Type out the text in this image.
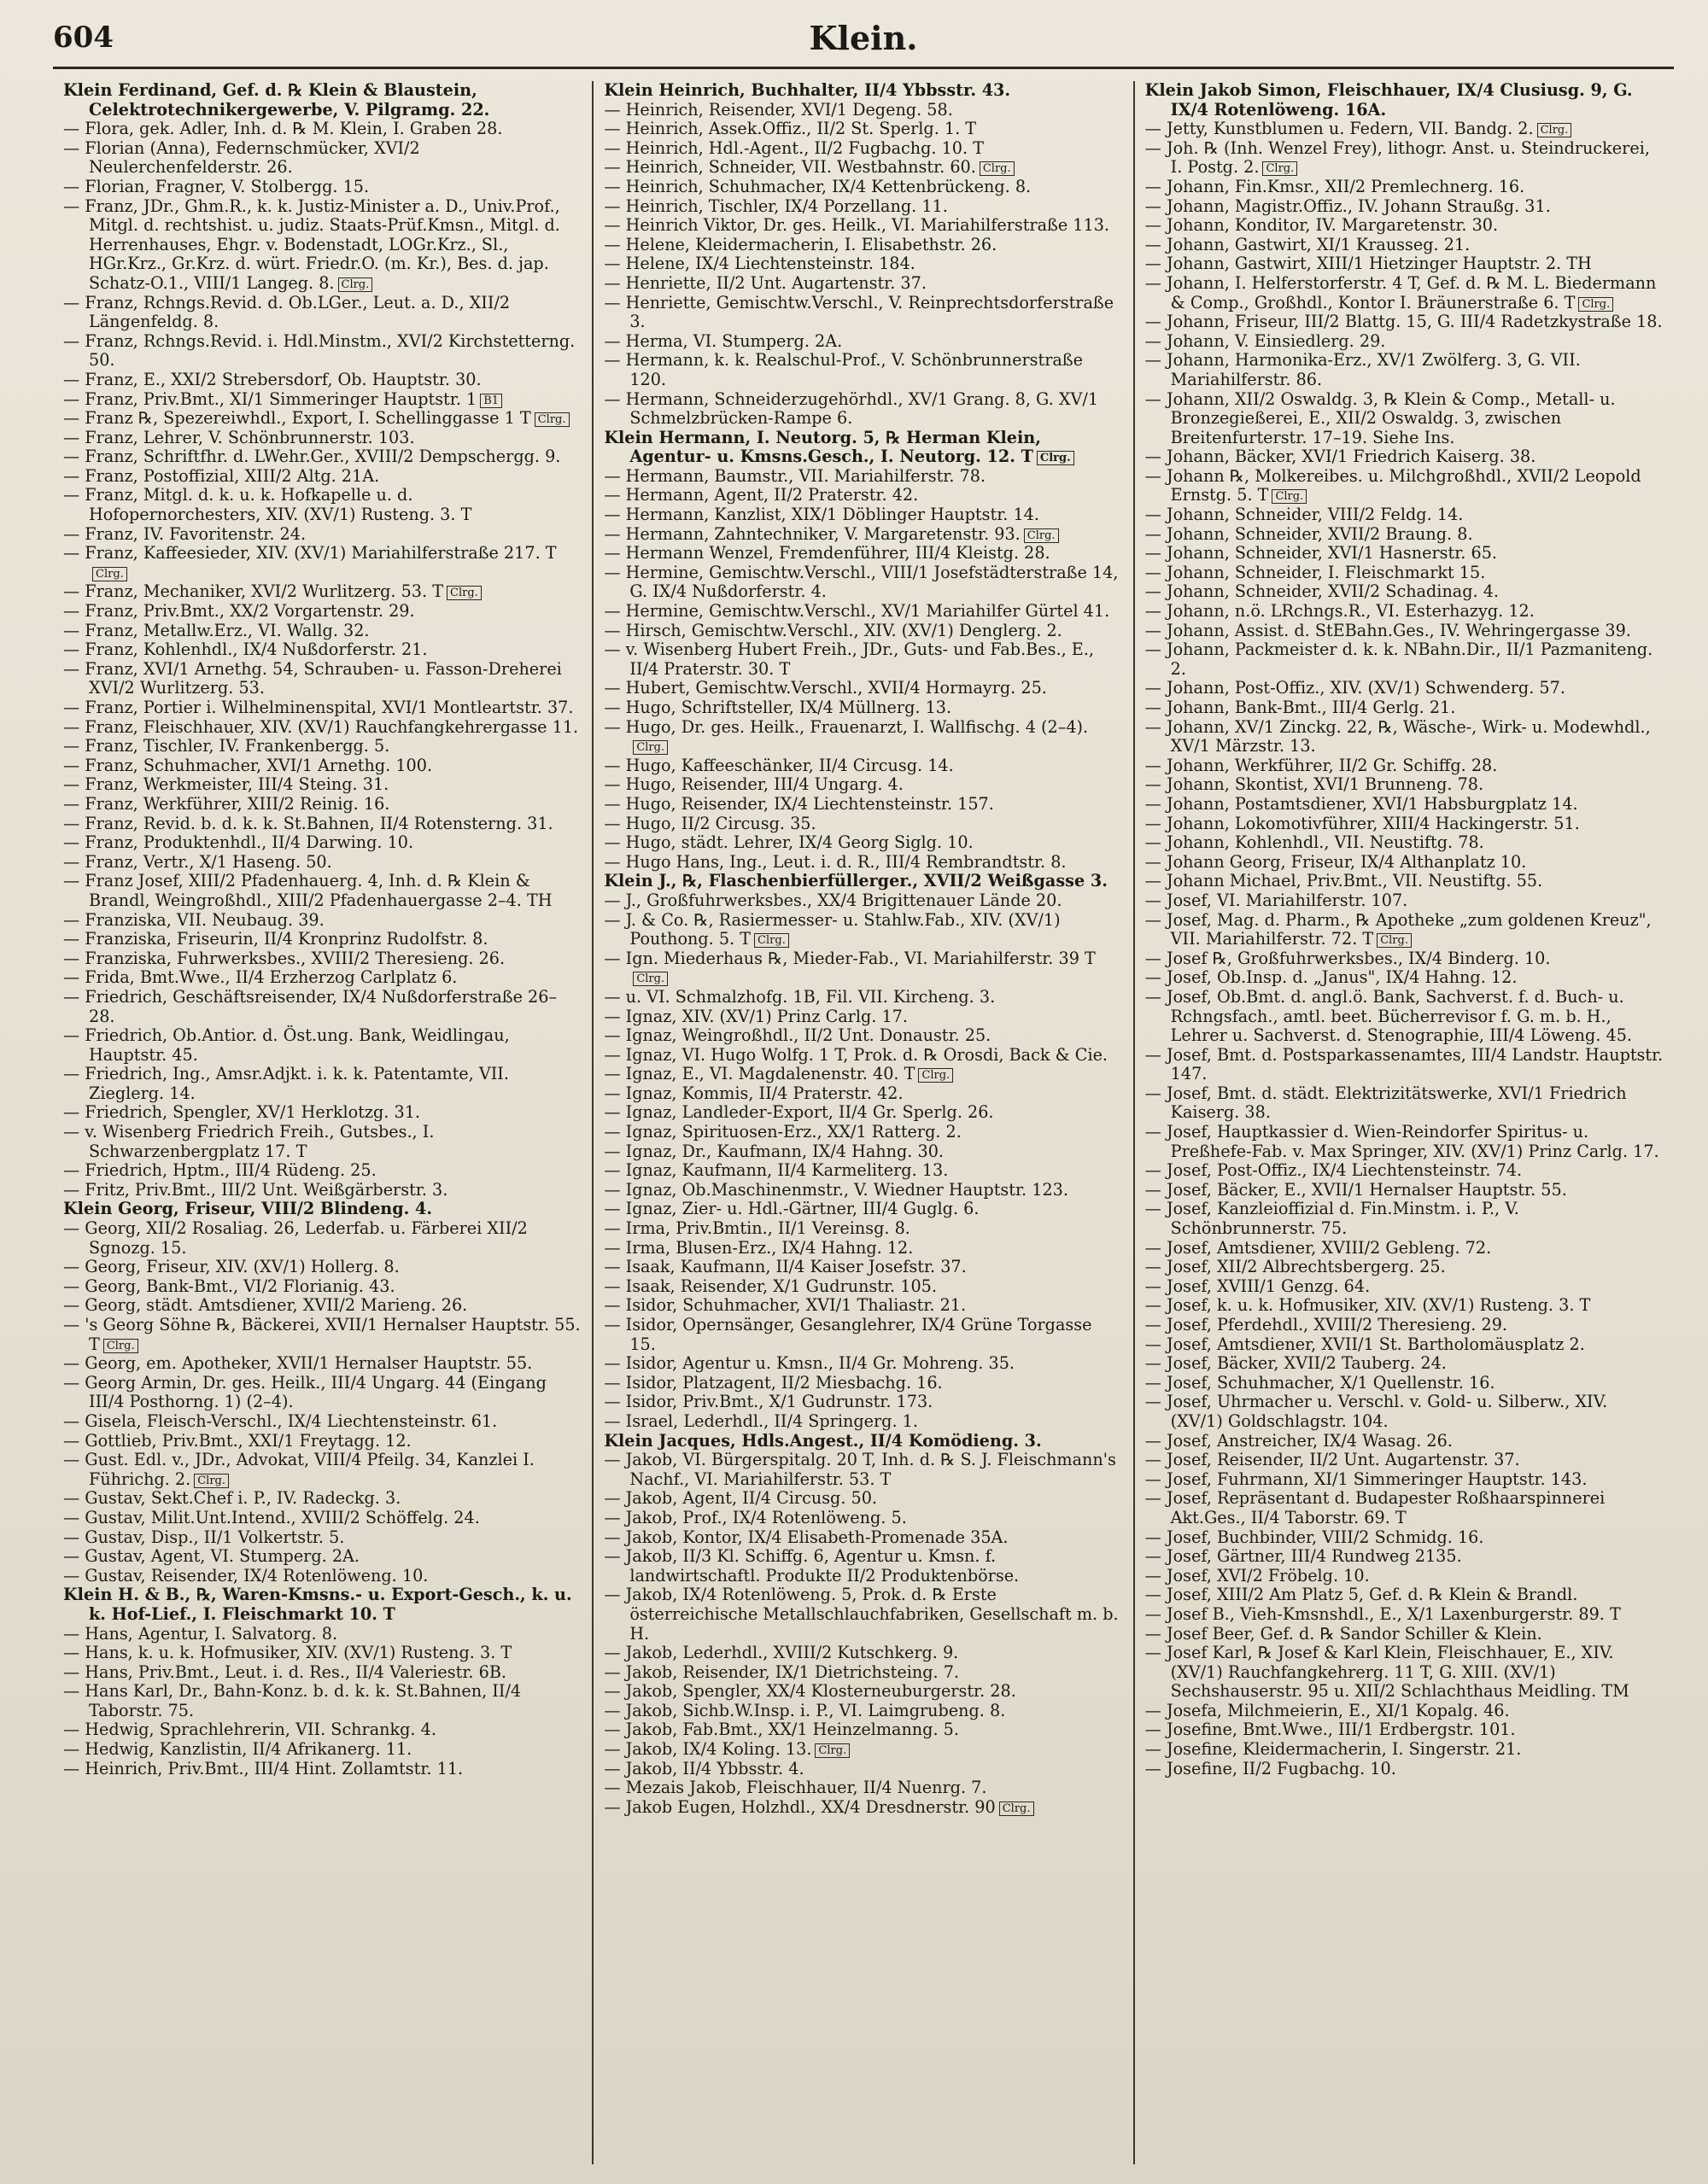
604	Klein.
Klein Ferdinand, Gef. d. ℞ Klein & Blaustein, Celektrotechnikergewerbe, V. Pilgramg. 22.
— Flora, gek. Adler, Inh. d. ℞ M. Klein, I. Graben 28.
— Florian (Anna), Federnschmücker, XVI/2 Neulerchenfelderstr. 26.
— Florian, Fragner, V. Stolbergg. 15.
— Franz, JDr., Ghm.R., k. k. Justiz-Minister a. D., Univ.Prof., Mitgl. d. rechtshist. u. judiz. Staats-Prüf.Kmsn., Mitgl. d. Herrenhauses, Ehgr. v. Bodenstadt, LOGr.Krz., Sl., HGr.Krz., Gr.Krz. d. würt. Friedr.O. (m. Kr.), Bes. d. jap. Schatz-O.1., VIII/1 Langeg. 8. Clrg.
— Franz, Rchngs.Revid. d. Ob.LGer., Leut. a. D., XII/2 Längenfeldg. 8.
— Franz, Rchngs.Revid. i. Hdl.Minstm., XVI/2 Kirchstetterng. 50.
— Franz, E., XXI/2 Strebersdorf, Ob. Hauptstr. 30.
— Franz, Priv.Bmt., XI/1 Simmeringer Hauptstr. 1 B1
— Franz ℞, Spezereiwhdl., Export, I. Schellinggasse 1 T Clrg.
— Franz, Lehrer, V. Schönbrunnerstr. 103.
— Franz, Schriftfhr. d. LWehr.Ger., XVIII/2 Dempschergg. 9.
— Franz, Postoffizial, XIII/2 Altg. 21A.
— Franz, Mitgl. d. k. u. k. Hofkapelle u. d. Hofopernorchesters, XIV. (XV/1) Rusteng. 3. T
— Franz, IV. Favoritenstr. 24.
— Franz, Kaffeesieder, XIV. (XV/1) Mariahilferstraße 217. TClrg.
— Franz, Mechaniker, XVI/2 Wurlitzerg. 53. T Clrg.
— Franz, Priv.Bmt., XX/2 Vorgartenstr. 29.
— Franz, Metallw.Erz., VI. Wallg. 32.
— Franz, Kohlenhdl., IX/4 Nußdorferstr. 21.
— Franz, XVI/1 Arnethg. 54, Schrauben- u. Fasson-Dreherei XVI/2 Wurlitzerg. 53.
— Franz, Portier i. Wilhelminenspital, XVI/1 Montleartstr. 37.
— Franz, Fleischhauer, XIV. (XV/1) Rauchfangkehrergasse 11.
— Franz, Tischler, IV. Frankenbergg. 5.
— Franz, Schuhmacher, XVI/1 Arnethg. 100.
— Franz, Werkmeister, III/4 Steing. 31.
— Franz, Werkführer, XIII/2 Reinig. 16.
— Franz, Revid. b. d. k. k. St.Bahnen, II/4 Rotensterng. 31.
— Franz, Produktenhdl., II/4 Darwing. 10.
— Franz, Vertr., X/1 Haseng. 50.
— Franz Josef, XIII/2 Pfadenhauerg. 4, Inh. d. ℞ Klein & Brandl, Weingroßhdl., XIII/2 Pfadenhauergasse 2–4. TH
— Franziska, VII. Neubaug. 39.
— Franziska, Friseurin, II/4 Kronprinz Rudolfstr. 8.
— Franziska, Fuhrwerksbes., XVIII/2 Theresieng. 26.
— Frida, Bmt.Wwe., II/4 Erzherzog Carlplatz 6.
— Friedrich, Geschäftsreisender, IX/4 Nußdorferstraße 26–28.
— Friedrich, Ob.Antior. d. Öst.ung. Bank, Weidlingau, Hauptstr. 45.
— Friedrich, Ing., Amsr.Adjkt. i. k. k. Patentamte, VII. Zieglerg. 14.
— Friedrich, Spengler, XV/1 Herklotzg. 31.
— v. Wisenberg Friedrich Freih., Gutsbes., I. Schwarzenbergplatz 17. T
— Friedrich, Hptm., III/4 Rüdeng. 25.
— Fritz, Priv.Bmt., III/2 Unt. Weißgärberstr. 3.
Klein Georg, Friseur, VIII/2 Blindeng. 4.
— Georg, XII/2 Rosaliag. 26, Lederfab. u. Färberei XII/2 Sgnozg. 15.
— Georg, Friseur, XIV. (XV/1) Hollerg. 8.
— Georg, Bank-Bmt., VI/2 Florianig. 43.
— Georg, städt. Amtsdiener, XVII/2 Marieng. 26.
— 's Georg Söhne ℞, Bäckerei, XVII/1 Hernalser Hauptstr. 55. T Clrg.
— Georg, em. Apotheker, XVII/1 Hernalser Hauptstr. 55.
— Georg Armin, Dr. ges. Heilk., III/4 Ungarg. 44 (Eingang III/4 Posthorng. 1) (2–4).
— Gisela, Fleisch-Verschl., IX/4 Liechtensteinstr. 61.
— Gottlieb, Priv.Bmt., XXI/1 Freytagg. 12.
— Gust. Edl. v., JDr., Advokat, VIII/4 Pfeilg. 34, Kanzlei I. Führichg. 2. Clrg.
— Gustav, Sekt.Chef i. P., IV. Radeckg. 3.
— Gustav, Milit.Unt.Intend., XVIII/2 Schöffelg. 24.
— Gustav, Disp., II/1 Volkertstr. 5.
— Gustav, Agent, VI. Stumperg. 2A.
— Gustav, Reisender, IX/4 Rotenlöweng. 10.
Klein H. & B., ℞, Waren-Kmsns.- u. Export-Gesch., k. u. k. Hof-Lief., I. Fleischmarkt 10. T
— Hans, Agentur, I. Salvatorg. 8.
— Hans, k. u. k. Hofmusiker, XIV. (XV/1) Rusteng. 3. T
— Hans, Priv.Bmt., Leut. i. d. Res., II/4 Valeriestr. 6B.
— Hans Karl, Dr., Bahn-Konz. b. d. k. k. St.Bahnen, II/4 Taborstr. 75.
— Hedwig, Sprachlehrerin, VII. Schrankg. 4.
— Hedwig, Kanzlistin, II/4 Afrikanerg. 11.
— Heinrich, Priv.Bmt., III/4 Hint. Zollamtstr. 11.
Klein Heinrich, Buchhalter, II/4 Ybbsstr. 43.
— Heinrich, Reisender, XVI/1 Degeng. 58.
— Heinrich, Assek.Offiz., II/2 St. Sperlg. 1. T
— Heinrich, Hdl.-Agent., II/2 Fugbachg. 10. T
— Heinrich, Schneider, VII. Westbahnstr. 60. Clrg.
— Heinrich, Schuhmacher, IX/4 Kettenbrückeng. 8.
— Heinrich, Tischler, IX/4 Porzellang. 11.
— Heinrich Viktor, Dr. ges. Heilk., VI. Mariahilferstraße 113.
— Helene, Kleidermacherin, I. Elisabethstr. 26.
— Helene, IX/4 Liechtensteinstr. 184.
— Henriette, II/2 Unt. Augartenstr. 37.
— Henriette, Gemischtw.Verschl., V. Reinprechtsdorferstraße 3.
— Herma, VI. Stumperg. 2A.
— Hermann, k. k. Realschul-Prof., V. Schönbrunnerstraße 120.
— Hermann, Schneiderzugehörhdl., XV/1 Grang. 8, G. XV/1 Schmelzbrücken-Rampe 6.
Klein Hermann, I. Neutorg. 5, ℞ Herman Klein, Agentur- u. Kmsns.Gesch., I. Neutorg. 12. T Clrg.
— Hermann, Baumstr., VII. Mariahilferstr. 78.
— Hermann, Agent, II/2 Praterstr. 42.
— Hermann, Kanzlist, XIX/1 Döblinger Hauptstr. 14.
— Hermann, Zahntechniker, V. Margaretenstr. 93. Clrg.
— Hermann Wenzel, Fremdenführer, III/4 Kleistg. 28.
— Hermine, Gemischtw.Verschl., VIII/1 Josefstädterstraße 14, G. IX/4 Nußdorferstr. 4.
— Hermine, Gemischtw.Verschl., XV/1 Mariahilfer Gürtel 41.
— Hirsch, Gemischtw.Verschl., XIV. (XV/1) Denglerg. 2.
— v. Wisenberg Hubert Freih., JDr., Guts- und Fab.Bes., E., II/4 Praterstr. 30. T
— Hubert, Gemischtw.Verschl., XVII/4 Hormayrg. 25.
— Hugo, Schriftsteller, IX/4 Müllnerg. 13.
— Hugo, Dr. ges. Heilk., Frauenarzt, I. Wallfischg. 4 (2–4).Clrg.
— Hugo, Kaffeeschänker, II/4 Circusg. 14.
— Hugo, Reisender, III/4 Ungarg. 4.
— Hugo, Reisender, IX/4 Liechtensteinstr. 157.
— Hugo, II/2 Circusg. 35.
— Hugo, städt. Lehrer, IX/4 Georg Siglg. 10.
— Hugo Hans, Ing., Leut. i. d. R., III/4 Rembrandtstr. 8.
Klein J., ℞, Flaschenbierfüllerger., XVII/2 Weißgasse 3.
— J., Großfuhrwerksbes., XX/4 Brigittenauer Lände 20.
— J. & Co. ℞, Rasiermesser- u. Stahlw.Fab., XIV. (XV/1) Pouthong. 5. T Clrg.
— Ign. Miederhaus ℞, Mieder-Fab., VI. Mariahilferstr. 39 TClrg.
— u. VI. Schmalzhofg. 1B, Fil. VII. Kircheng. 3.
— Ignaz, XIV. (XV/1) Prinz Carlg. 17.
— Ignaz, Weingroßhdl., II/2 Unt. Donaustr. 25.
— Ignaz, VI. Hugo Wolfg. 1 T, Prok. d. ℞ Orosdi, Back & Cie.
— Ignaz, E., VI. Magdalenenstr. 40. T Clrg.
— Ignaz, Kommis, II/4 Praterstr. 42.
— Ignaz, Landleder-Export, II/4 Gr. Sperlg. 26.
— Ignaz, Spirituosen-Erz., XX/1 Ratterg. 2.
— Ignaz, Dr., Kaufmann, IX/4 Hahng. 30.
— Ignaz, Kaufmann, II/4 Karmeliterg. 13.
— Ignaz, Ob.Maschinenmstr., V. Wiedner Hauptstr. 123.
— Ignaz, Zier- u. Hdl.-Gärtner, III/4 Guglg. 6.
— Irma, Priv.Bmtin., II/1 Vereinsg. 8.
— Irma, Blusen-Erz., IX/4 Hahng. 12.
— Isaak, Kaufmann, II/4 Kaiser Josefstr. 37.
— Isaak, Reisender, X/1 Gudrunstr. 105.
— Isidor, Schuhmacher, XVI/1 Thaliastr. 21.
— Isidor, Opernsänger, Gesanglehrer, IX/4 Grüne Torgasse 15.
— Isidor, Agentur u. Kmsn., II/4 Gr. Mohreng. 35.
— Isidor, Platzagent, II/2 Miesbachg. 16.
— Isidor, Priv.Bmt., X/1 Gudrunstr. 173.
— Israel, Lederhdl., II/4 Springerg. 1.
Klein Jacques, Hdls.Angest., II/4 Komödieng. 3.
— Jakob, VI. Bürgerspitalg. 20 T, Inh. d. ℞ S. J. Fleischmann's Nachf., VI. Mariahilferstr. 53. T
— Jakob, Agent, II/4 Circusg. 50.
— Jakob, Prof., IX/4 Rotenlöweng. 5.
— Jakob, Kontor, IX/4 Elisabeth-Promenade 35A.
— Jakob, II/3 Kl. Schiffg. 6, Agentur u. Kmsn. f. landwirtschaftl. Produkte II/2 Produktenbörse.
— Jakob, IX/4 Rotenlöweng. 5, Prok. d. ℞ Erste österreichische Metallschlauchfabriken, Gesellschaft m. b. H.
— Jakob, Lederhdl., XVIII/2 Kutschkerg. 9.
— Jakob, Reisender, IX/1 Dietrichsteing. 7.
— Jakob, Spengler, XX/4 Klosterneuburgerstr. 28.
— Jakob, Sichb.W.Insp. i. P., VI. Laimgrubeng. 8.
— Jakob, Fab.Bmt., XX/1 Heinzelmanng. 5.
— Jakob, IX/4 Koling. 13. Clrg.
— Jakob, II/4 Ybbsstr. 4.
— Mezais Jakob, Fleischhauer, II/4 Nuenrg. 7.
— Jakob Eugen, Holzhdl., XX/4 Dresdnerstr. 90 Clrg.
Klein Jakob Simon, Fleischhauer, IX/4 Clusiusg. 9, G. IX/4 Rotenlöweng. 16A.
— Jetty, Kunstblumen u. Federn, VII. Bandg. 2. Clrg.
— Joh. ℞ (Inh. Wenzel Frey), lithogr. Anst. u. Steindruckerei, I. Postg. 2. Clrg.
— Johann, Fin.Kmsr., XII/2 Premlechnerg. 16.
— Johann, Magistr.Offiz., IV. Johann Straußg. 31.
— Johann, Konditor, IV. Margaretenstr. 30.
— Johann, Gastwirt, XI/1 Krausseg. 21.
— Johann, Gastwirt, XIII/1 Hietzinger Hauptstr. 2. TH
— Johann, I. Helferstorferstr. 4 T, Gef. d. ℞ M. L. Biedermann & Comp., Großhdl., Kontor I. Bräunerstraße 6. T Clrg.
— Johann, Friseur, III/2 Blattg. 15, G. III/4 Radetzkystraße 18.
— Johann, V. Einsiedlerg. 29.
— Johann, Harmonika-Erz., XV/1 Zwölferg. 3, G. VII. Mariahilferstr. 86.
— Johann, XII/2 Oswaldg. 3, ℞ Klein & Comp., Metall- u. Bronzegießerei, E., XII/2 Oswaldg. 3, zwischen Breitenfurterstr. 17–19. Siehe Ins.
— Johann, Bäcker, XVI/1 Friedrich Kaiserg. 38.
— Johann ℞, Molkereibes. u. Milchgroßhdl., XVII/2 Leopold Ernstg. 5. T Clrg.
— Johann, Schneider, VIII/2 Feldg. 14.
— Johann, Schneider, XVII/2 Braung. 8.
— Johann, Schneider, XVI/1 Hasnerstr. 65.
— Johann, Schneider, I. Fleischmarkt 15.
— Johann, Schneider, XVII/2 Schadinag. 4.
— Johann, n.ö. LRchngs.R., VI. Esterhazyg. 12.
— Johann, Assist. d. StEBahn.Ges., IV. Wehringergasse 39.
— Johann, Packmeister d. k. k. NBahn.Dir., II/1 Pazmaniteng. 2.
— Johann, Post-Offiz., XIV. (XV/1) Schwenderg. 57.
— Johann, Bank-Bmt., III/4 Gerlg. 21.
— Johann, XV/1 Zinckg. 22, ℞, Wäsche-, Wirk- u. Modewhdl., XV/1 Märzstr. 13.
— Johann, Werkführer, II/2 Gr. Schiffg. 28.
— Johann, Skontist, XVI/1 Brunneng. 78.
— Johann, Postamtsdiener, XVI/1 Habsburgplatz 14.
— Johann, Lokomotivführer, XIII/4 Hackingerstr. 51.
— Johann, Kohlenhdl., VII. Neustiftg. 78.
— Johann Georg, Friseur, IX/4 Althanplatz 10.
— Johann Michael, Priv.Bmt., VII. Neustiftg. 55.
— Josef, VI. Mariahilferstr. 107.
— Josef, Mag. d. Pharm., ℞ Apotheke „zum goldenen Kreuz", VII. Mariahilferstr. 72. T Clrg.
— Josef ℞, Großfuhrwerksbes., IX/4 Binderg. 10.
— Josef, Ob.Insp. d. „Janus", IX/4 Hahng. 12.
— Josef, Ob.Bmt. d. angl.ö. Bank, Sachverst. f. d. Buch- u. Rchngsfach., amtl. beet. Bücherrevisor f. G. m. b. H., Lehrer u. Sachverst. d. Stenographie, III/4 Löweng. 45.
— Josef, Bmt. d. Postsparkassenamtes, III/4 Landstr. Hauptstr. 147.
— Josef, Bmt. d. städt. Elektrizitätswerke, XVI/1 Friedrich Kaiserg. 38.
— Josef, Hauptkassier d. Wien-Reindorfer Spiritus- u. Preßhefe-Fab. v. Max Springer, XIV. (XV/1) Prinz Carlg. 17.
— Josef, Post-Offiz., IX/4 Liechtensteinstr. 74.
— Josef, Bäcker, E., XVII/1 Hernalser Hauptstr. 55.
— Josef, Kanzleioffizial d. Fin.Minstm. i. P., V. Schönbrunnerstr. 75.
— Josef, Amtsdiener, XVIII/2 Gebleng. 72.
— Josef, XII/2 Albrechtsbergerg. 25.
— Josef, XVIII/1 Genzg. 64.
— Josef, k. u. k. Hofmusiker, XIV. (XV/1) Rusteng. 3. T
— Josef, Pferdehdl., XVIII/2 Theresieng. 29.
— Josef, Amtsdiener, XVII/1 St. Bartholomäusplatz 2.
— Josef, Bäcker, XVII/2 Tauberg. 24.
— Josef, Schuhmacher, X/1 Quellenstr. 16.
— Josef, Uhrmacher u. Verschl. v. Gold- u. Silberw., XIV. (XV/1) Goldschlagstr. 104.
— Josef, Anstreicher, IX/4 Wasag. 26.
— Josef, Reisender, II/2 Unt. Augartenstr. 37.
— Josef, Fuhrmann, XI/1 Simmeringer Hauptstr. 143.
— Josef, Repräsentant d. Budapester Roßhaarspinnerei Akt.Ges., II/4 Taborstr. 69. T
— Josef, Buchbinder, VIII/2 Schmidg. 16.
— Josef, Gärtner, III/4 Rundweg 2135.
— Josef, XVI/2 Fröbelg. 10.
— Josef, XIII/2 Am Platz 5, Gef. d. ℞ Klein & Brandl.
— Josef B., Vieh-Kmsnshdl., E., X/1 Laxenburgerstr. 89. T
— Josef Beer, Gef. d. ℞ Sandor Schiller & Klein.
— Josef Karl, ℞ Josef & Karl Klein, Fleischhauer, E., XIV. (XV/1) Rauchfangkehrerg. 11 T, G. XIII. (XV/1) Sechshauserstr. 95 u. XII/2 Schlachthaus Meidling. TM
— Josefa, Milchmeierin, E., XI/1 Kopalg. 46.
— Josefine, Bmt.Wwe., III/1 Erdbergstr. 101.
— Josefine, Kleidermacherin, I. Singerstr. 21.
— Josefine, II/2 Fugbachg. 10.
